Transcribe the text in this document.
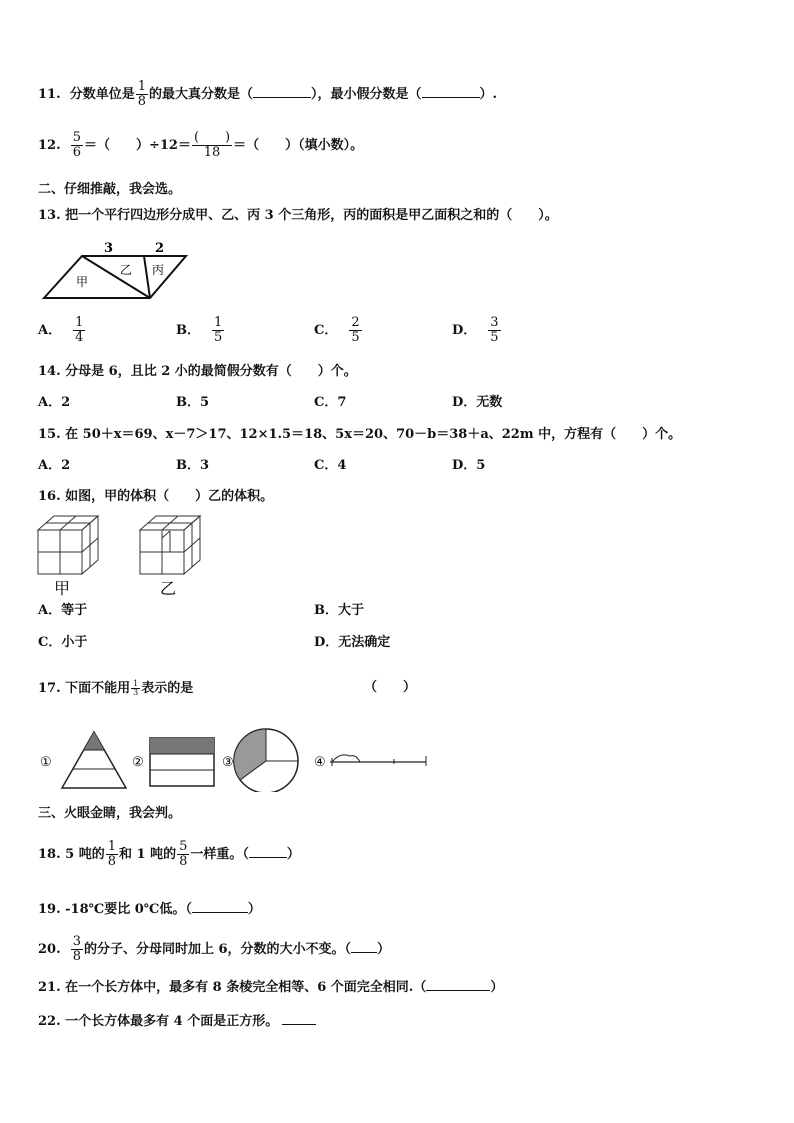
11. 分数单位是 $\frac{1}{8}$ 的最大真分数是（	），最小假分数是（	）.
12. $\frac{5}{6}$ ＝（　　）$\div 12= \frac{( )}{18}$ ＝（　　）（填小数）。
二、仔细推敲，我会选。
13. 把一个平行四边形分成甲、乙、丙 3 个三角形，丙的面积是甲乙面积之和的（　　）。
3	2
甲
乙 丙
A． $\frac{1}{4}$	B． $\frac{1}{5}$	C． $\frac{2}{5}$	D． $\frac{3}{5}$
14. 分母是 6，且比 2 小的最简假分数有（　　）个。
A．2	B．5	C．7	D．无数
15. 在 50＋x＝69、x－7＞17、12×1.5＝18、5x＝20、70－b＝38＋a、22m 中，方程有（　　）个。
A．2	B．3	C．4	D．5
16. 如图，甲的体积（　　）乙的体积。
甲	乙
A．等于	B．大于
C．小于	D．无法确定
17. 下面不能用 $\frac{1}{3}$ 表示的是	（　　）
①	②	③	④
三、火眼金睛，我会判。
18. 5 吨的 $\frac{1}{8}$ 和 1 吨的 $\frac{5}{8}$ 一样重。（	）
19. -18℃要比 0℃低。（	）
20. $\frac{3}{8}$ 的分子、分母同时加上 6，分数的大小不变。（ ）
21. 在一个长方体中，最多有 8 条棱完全相等、6 个面完全相同.（	）
22. 一个长方体最多有 4 个面是正方形。
